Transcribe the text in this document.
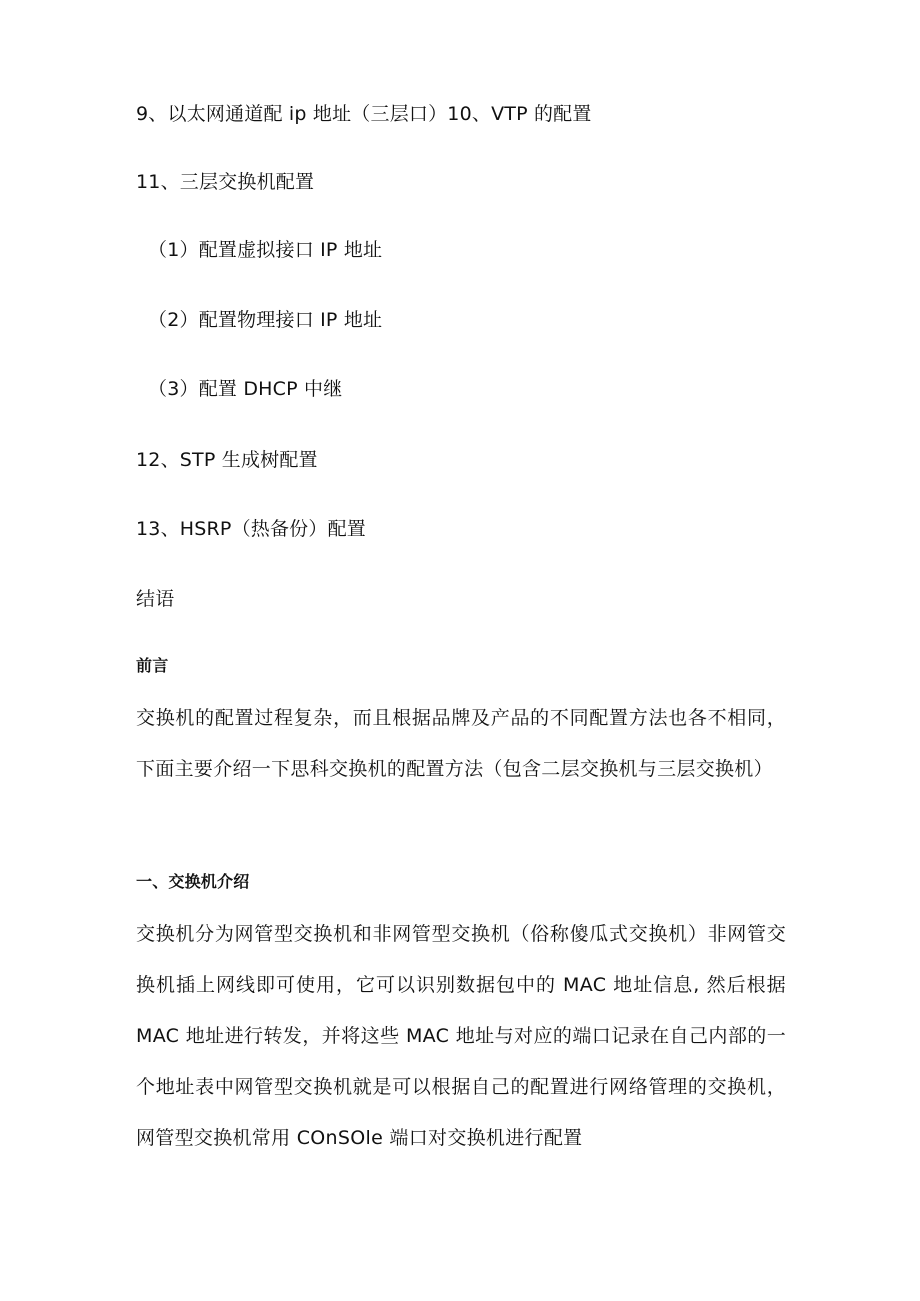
9、以太网通道配 ip 地址（三层口）10、VTP 的配置
11、三层交换机配置
（1）配置虚拟接口 IP 地址
（2）配置物理接口 IP 地址
（3）配置 DHCP 中继
12、STP 生成树配置
13、HSRP（热备份）配置
结语
前言
交换机的配置过程复杂，而且根据品牌及产品的不同配置方法也各不相同，下面主要介绍一下思科交换机的配置方法（包含二层交换机与三层交换机）
一、交换机介绍
交换机分为网管型交换机和非网管型交换机（俗称傻瓜式交换机）非网管交换机插上网线即可使用，它可以识别数据包中的 MAC 地址信息, 然后根据 MAC 地址进行转发，并将这些 MAC 地址与对应的端口记录在自己内部的一个地址表中网管型交换机就是可以根据自己的配置进行网络管理的交换机，网管型交换机常用 COnSOle 端口对交换机进行配置
